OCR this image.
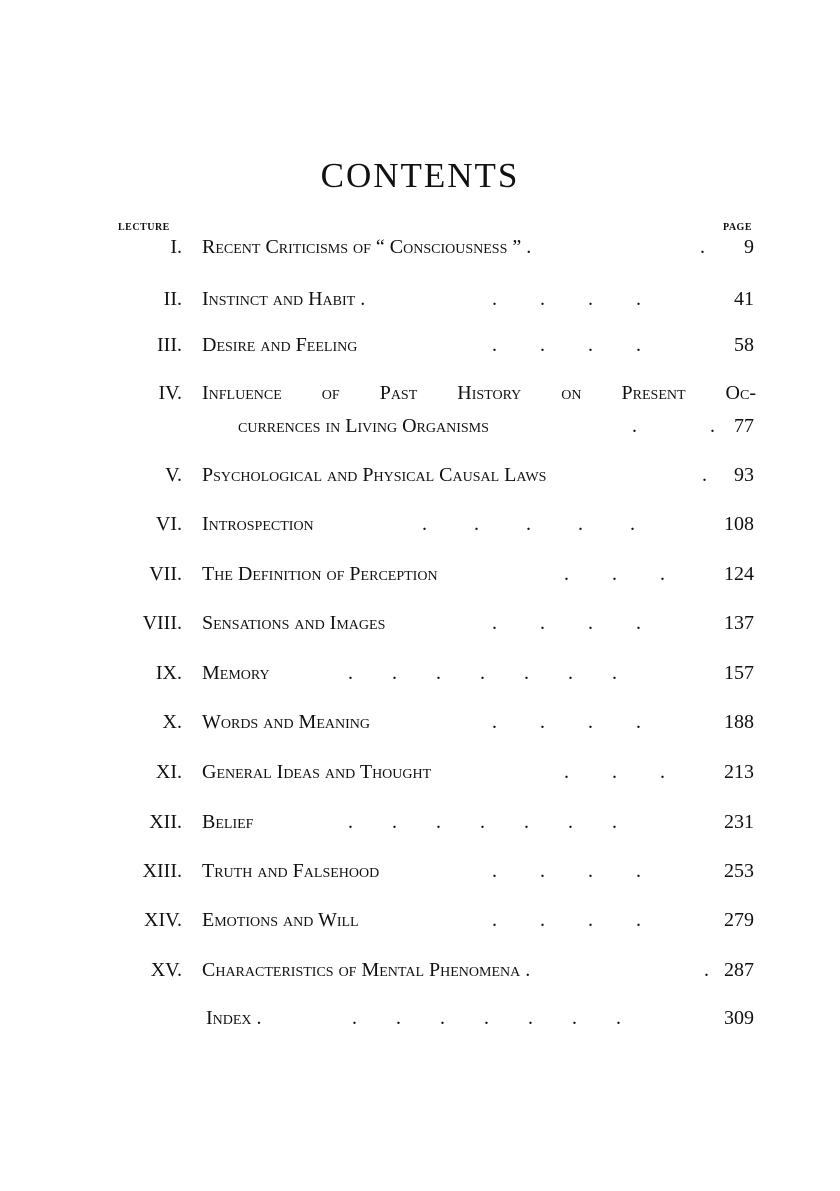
CONTENTS
LECTURE	PAGE
I. Recent Criticisms of “ Consciousness ” .	. 9
II. Instinct and Habit .	. . . .	41
III. Desire and Feeling	. . . .	58
IV. Influence of Past History on Present Oc-
currences in Living Organisms	. . 77
V. Psychological and Physical Causal Laws	. 93
VI. Introspection	. . . . .	108
VII. The Definition of Perception	. . .	124
VIII. Sensations and Images	. . . .	137
IX. Memory	. . . . . . .	157
X. Words and Meaning	. . . .	188
XI. General Ideas and Thought	. . .	213
XII. Belief	. . . . . . .	231
XIII. Truth and Falsehood	. . . .	253
XIV. Emotions and Will	. . . .	279
XV. Characteristics of Mental Phenomena .	. 287
Index .	. . . . . . .	309
